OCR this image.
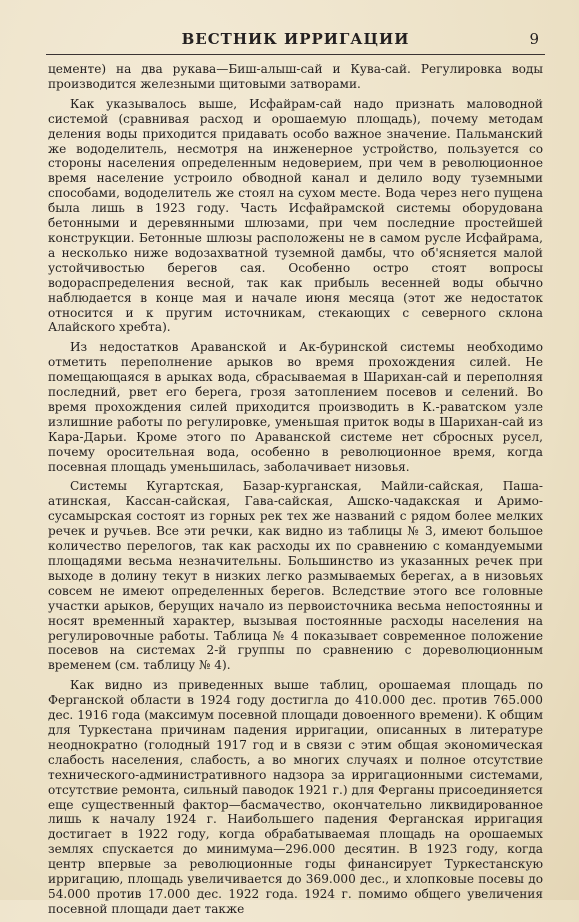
ВЕСТНИК ИРРИГАЦИИ	9

цементе) на два рукава—Биш-алыш-сай и Кува-сай. Регулировка воды производится железными щитовыми затворами.

Как указывалось выше, Исфайрам-сай надо признать маловодной системой (сравнивая расход и орошаемую площадь), почему методам деления воды приходится придавать особо важное значение. Пальманский же вододелитель, несмотря на инженерное устройство, пользуется со стороны населения определенным недоверием, при чем в революционное время население устроило обводной канал и делило воду туземными способами, вододелитель же стоял на сухом месте. Вода через него пущена была лишь в 1923 году. Часть Исфайрамской системы оборудована бетонными и деревянными шлюзами, при чем последние простейшей конструкции. Бетонные шлюзы расположены не в самом русле Исфайрама, а несколько ниже водозахватной туземной дамбы, что об'ясняется малой устойчивостью берегов сая. Особенно остро стоят вопросы водораспределения весной, так как прибыль весенней воды обычно наблюдается в конце мая и начале июня месяца (этот же недостаток относится и к пругим источникам, стекающих с северного склона Алайского хребта).

Из недостатков Араванской и Ак-буринской системы необходимо отметить переполнение арыков во время прохождения силей. Не помещающаяся в арыках вода, сбрасываемая в Шарихан-сай и переполняя последний, рвет его берега, грозя затоплением посевов и селений. Во время прохождения силей приходится производить в К.-раватском узле излишние работы по регулировке, уменьшая приток воды в Шарихан-сай из Кара-Дарьи. Кроме этого по Араванской системе нет сбросных русел, почему оросительная вода, особенно в революционное время, когда посевная площадь уменьшилась, заболачивает низовья.

Системы Кугартская, Базар-курганская, Майли-сайская, Паша-атинская, Кассан-сайская, Гава-сайская, Ашско-чадакская и Аримо-сусамырская состоят из горных рек тех же названий с рядом более мелких речек и ручьев. Все эти речки, как видно из таблицы № 3, имеют большое количество перелогов, так как расходы их по сравнению с командуемыми площадями весьма незначительны. Большинство из указанных речек при выходе в долину текут в низких легко размываемых берегах, а в низовьях совсем не имеют определенных берегов. Вследствие этого все головные участки арыков, берущих начало из первоисточника весьма непостоянны и носят временный характер, вызывая постоянные расходы населения на регулировочные работы. Таблица № 4 показывает современное положение посевов на системах 2-й группы по сравнению с дореволюционным временем (см. таблицу № 4).

Как видно из приведенных выше таблиц, орошаемая площадь по Ферганской области в 1924 году достигла до 410.000 дес. против 765.000 дес. 1916 года (максимум посевной площади довоенного времени). К общим для Туркестана причинам падения ирригации, описанных в литературе неоднократно (голодный 1917 год и в связи с этим общая экономическая слабость населения, слабость, а во многих случаях и полное отсутствие технического-административного надзора за ирригационными системами, отсутствие ремонта, сильный паводок 1921 г.) для Ферганы присоединяется еще существенный фактор—басмачество, окончательно ликвидированное лишь к началу 1924 г. Наибольшего падения Ферганская ирригация достигает в 1922 году, когда обрабатываемая площадь на орошаемых землях спускается до минимума—296.000 десятин. В 1923 году, когда центр впервые за революционные годы финансирует Туркестанскую ирригацию, площадь увеличивается до 369.000 дес., и хлопковые посевы до 54.000 против 17.000 дес. 1922 года. 1924 г. помимо общего увеличения посевной площади дает также
